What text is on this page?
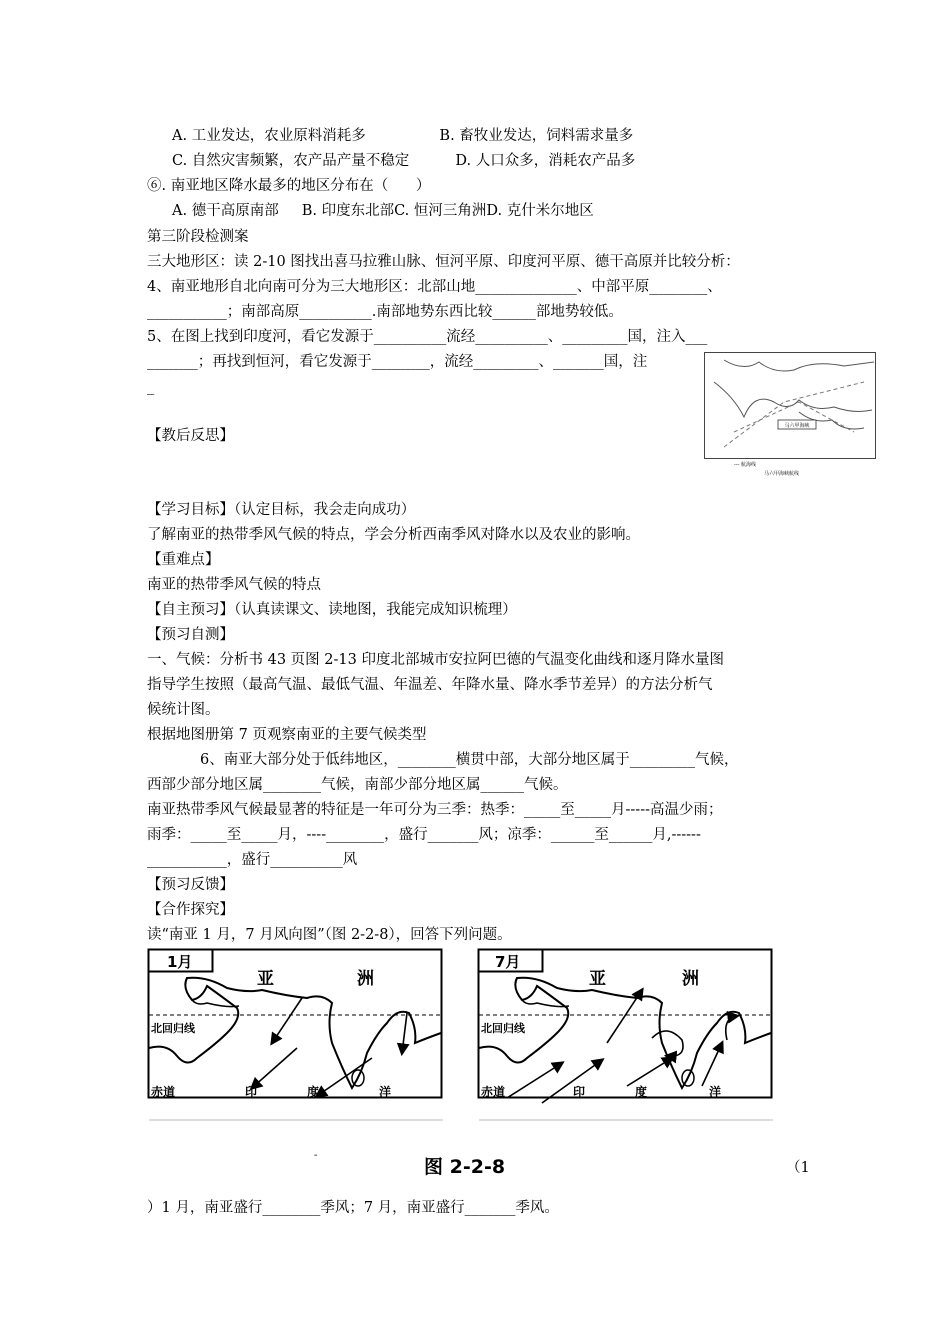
A. 工业发达，农业原料消耗多                B. 畜牧业发达，饲料需求量多
C. 自然灾害频繁，农产品产量不稳定          D. 人口众多，消耗农产品多
⑥. 南亚地区降水最多的地区分布在（      ）
A. 德干高原南部     B. 印度东北部C. 恒河三角洲D. 克什米尔地区
第三阶段检测案
三大地形区：读 2-10 图找出喜马拉雅山脉、恒河平原、印度河平原、德干高原并比较分析：
4、南亚地形自北向南可分为三大地形区：北部山地______________、中部平原________、
___________；南部高原__________.南部地势东西比较______部地势较低。
5、在图上找到印度河，看它发源于__________流经__________、_________国，注入___
_______；再找到恒河，看它发源于________，流经_________、_______国，注
_
【教后反思】
【学习目标】（认定目标，我会走向成功）
了解南亚的热带季风气候的特点，学会分析西南季风对降水以及农业的影响。
【重难点】
南亚的热带季风气候的特点
【自主预习】（认真读课文、读地图，我能完成知识梳理）
【预习自测】
一、气候：分析书 43 页图 2-13 印度北部城市安拉阿巴德的气温变化曲线和逐月降水量图
指导学生按照（最高气温、最低气温、年温差、年降水量、降水季节差异）的方法分析气
候统计图。
根据地图册第 7 页观察南亚的主要气候类型
6、南亚大部分处于低纬地区，________横贯中部，大部分地区属于_________气候，
西部少部分地区属________气候，南部少部分地区属______气候。
南亚热带季风气候最显著的特征是一年可分为三季：热季：_____至_____月-----高温少雨；
雨季：_____至_____月，----________，盛行_______风；凉季：______至______月,------
___________，盛行__________风
【预习反馈】
【合作探究】
读“南亚 1 月，7 月风向图”（图 2-2-8），回答下列问题。
马六甲海峡
--- 航海线
马六甲海峡航线
1月
亚	洲
北回归线
赤道	印	度	洋
7月
亚	洲
北回归线
赤道	印	度	洋
-
图 2-2-8	（1
）1 月，南亚盛行________季风；7 月，南亚盛行_______季风。
